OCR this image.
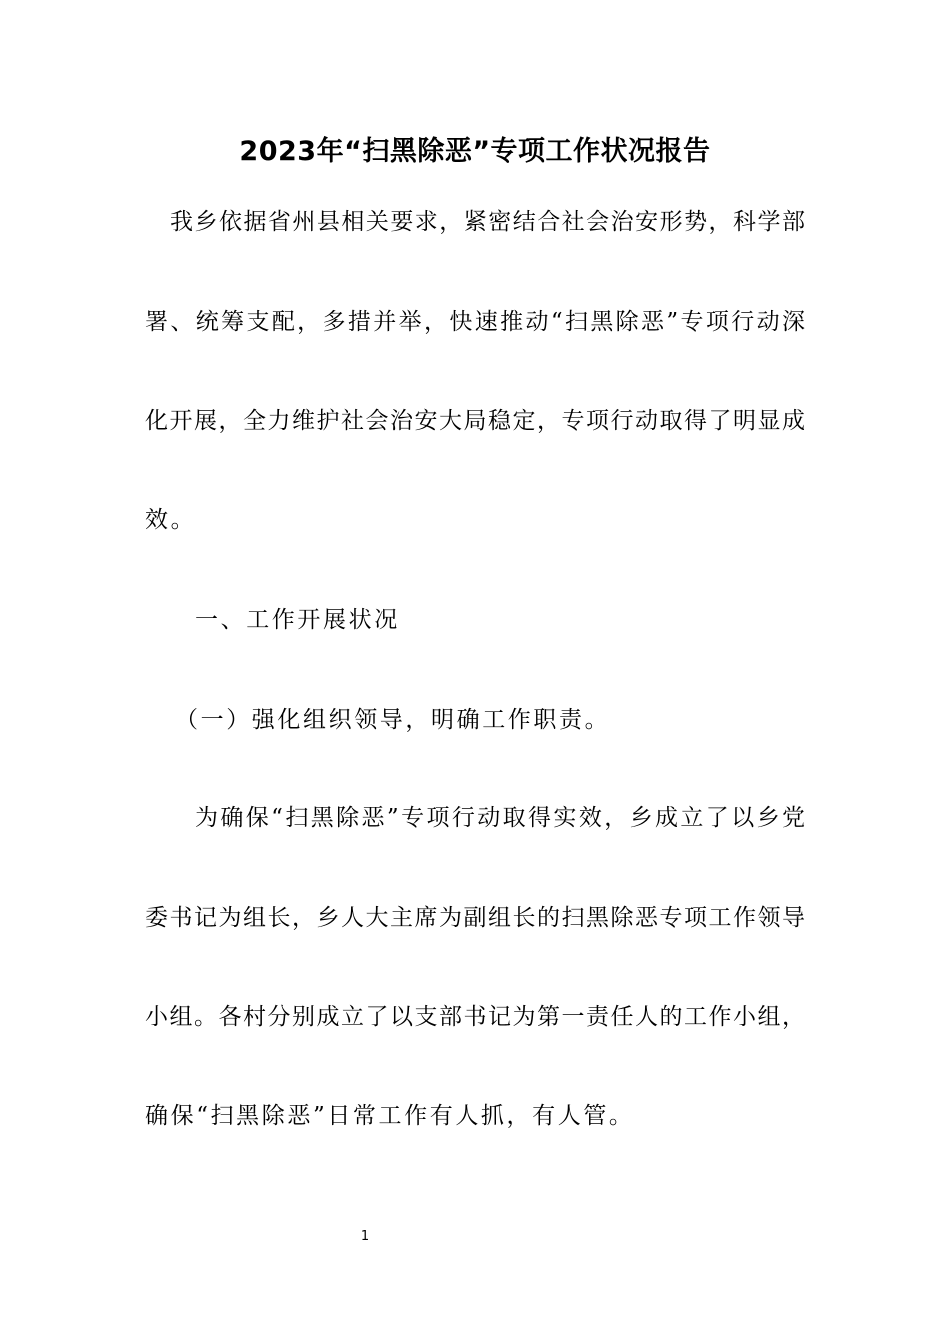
2023年“扫黑除恶”专项工作状况报告
我乡依据省州县相关要求，紧密结合社会治安形势，科学部
署、统筹支配，多措并举，快速推动“扫黑除恶”专项行动深
化开展，全力维护社会治安大局稳定，专项行动取得了明显成
效。
一、工作开展状况
（一）强化组织领导，明确工作职责。
为确保“扫黑除恶”专项行动取得实效，乡成立了以乡党
委书记为组长，乡人大主席为副组长的扫黑除恶专项工作领导
小组。各村分别成立了以支部书记为第一责任人的工作小组，
确保“扫黑除恶”日常工作有人抓，有人管。
1
